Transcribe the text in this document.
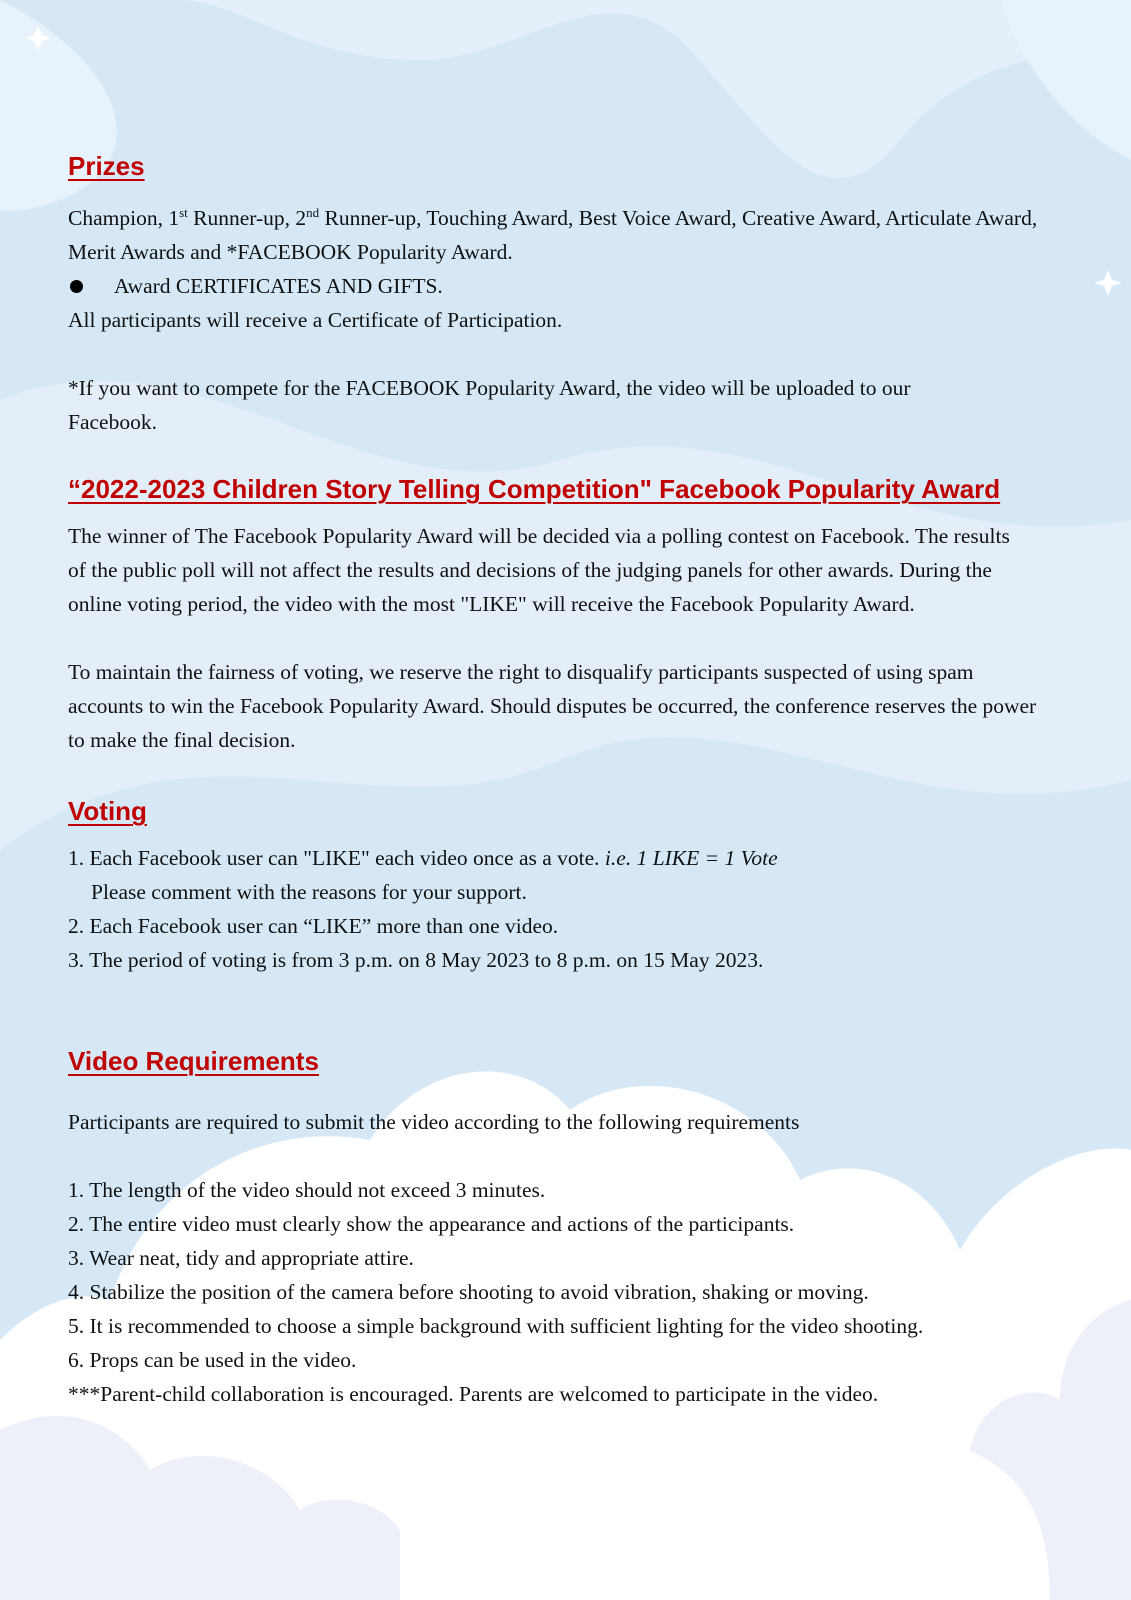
Prizes

Champion, 1st Runner-up, 2nd Runner-up, Touching Award, Best Voice Award, Creative Award, Articulate Award, Merit Awards and *FACEBOOK Popularity Award.

Award CERTIFICATES AND GIFTS.

All participants will receive a Certificate of Participation.

*If you want to compete for the FACEBOOK Popularity Award, the video will be uploaded to our Facebook.

“2022-2023 Children Story Telling Competition" Facebook Popularity Award

The winner of The Facebook Popularity Award will be decided via a polling contest on Facebook. The results of the public poll will not affect the results and decisions of the judging panels for other awards. During the online voting period, the video with the most "LIKE" will receive the Facebook Popularity Award.

To maintain the fairness of voting, we reserve the right to disqualify participants suspected of using spam accounts to win the Facebook Popularity Award. Should disputes be occurred, the conference reserves the power to make the final decision.

Voting

1. Each Facebook user can "LIKE" each video once as a vote. i.e. 1 LIKE = 1 Vote

Please comment with the reasons for your support.

2. Each Facebook user can “LIKE” more than one video.

3. The period of voting is from 3 p.m. on 8 May 2023 to 8 p.m. on 15 May 2023.

Video Requirements

Participants are required to submit the video according to the following requirements

1. The length of the video should not exceed 3 minutes.

2. The entire video must clearly show the appearance and actions of the participants.

3. Wear neat, tidy and appropriate attire.

4. Stabilize the position of the camera before shooting to avoid vibration, shaking or moving.

5. It is recommended to choose a simple background with sufficient lighting for the video shooting.

6. Props can be used in the video.

***Parent-child collaboration is encouraged. Parents are welcomed to participate in the video.
